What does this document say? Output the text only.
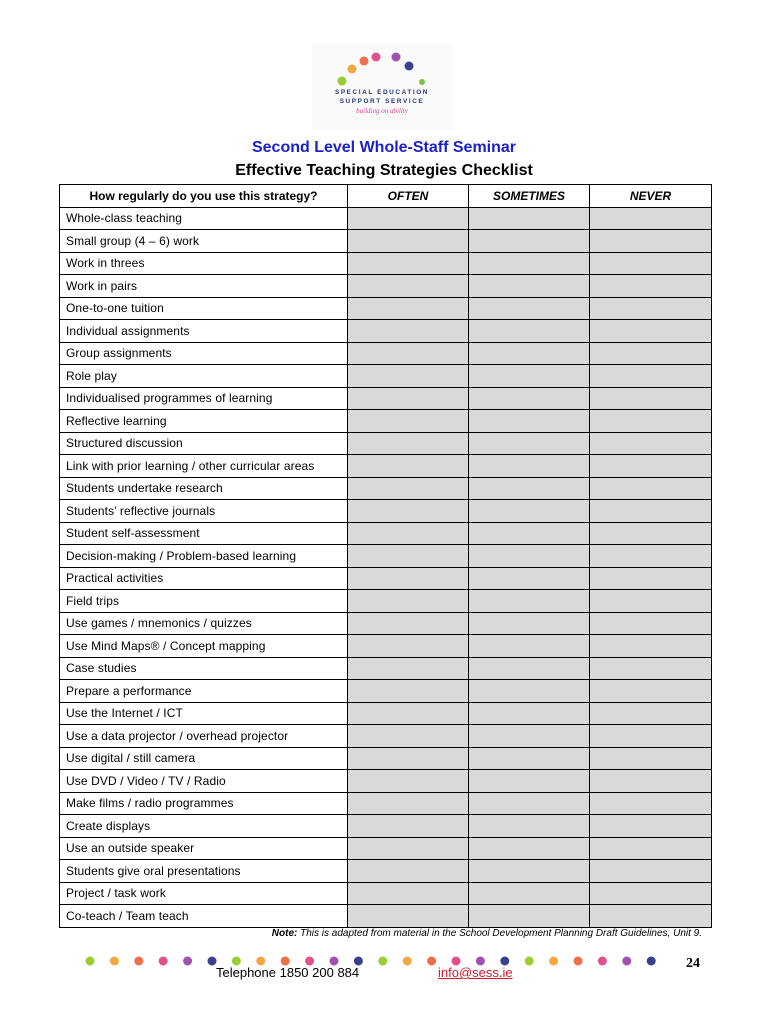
SPECIAL EDUCATION
SUPPORT SERVICE
building on ability
Second Level Whole-Staff Seminar
Effective Teaching Strategies Checklist
How regularly do you use this strategy?	OFTEN	SOMETIMES	NEVER
Whole-class teaching			
Small group (4 – 6) work			
Work in threes			
Work in pairs			
One-to-one tuition			
Individual assignments			
Group assignments			
Role play			
Individualised programmes of learning			
Reflective learning			
Structured discussion			
Link with prior learning / other curricular areas			
Students undertake research			
Students’ reflective journals			
Student self-assessment			
Decision-making / Problem-based learning			
Practical activities			
Field trips			
Use games / mnemonics / quizzes			
Use Mind Maps® / Concept mapping			
Case studies			
Prepare a performance			
Use the Internet / ICT			
Use a data projector / overhead projector			
Use digital / still camera			
Use DVD / Video / TV / Radio			
Make films / radio programmes			
Create displays			
Use an outside speaker			
Students give oral presentations			
Project / task work			
Co-teach / Team teach			
Note: This is adapted from material in the School Development Planning Draft Guidelines, Unit 9.
Telephone 1850 200 884	info@sess.ie
24
